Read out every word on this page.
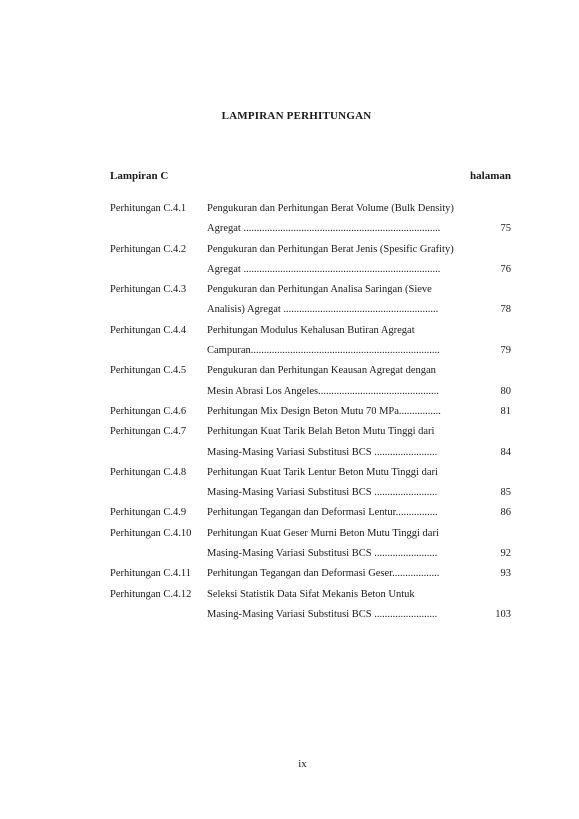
LAMPIRAN PERHITUNGAN
Lampiran C	halaman
Perhitungan C.4.1	Pengukuran dan Perhitungan Berat Volume (Bulk Density)
Agregat ...........................................................................	75
Perhitungan C.4.2	Pengukuran dan Perhitungan Berat Jenis (Spesific Grafity)
Agregat ...........................................................................	76
Perhitungan C.4.3	Pengukuran dan Perhitungan Analisa Saringan (Sieve
Analisis) Agregat ...........................................................	78
Perhitungan C.4.4	Perhitungan Modulus Kehalusan Butiran Agregat
Campuran........................................................................	79
Perhitungan C.4.5	Pengukuran dan Perhitungan Keausan Agregat dengan
Mesin Abrasi Los Angeles..............................................	80
Perhitungan C.4.6	Perhitungan Mix Design Beton Mutu 70 MPa................	81
Perhitungan C.4.7	Perhitungan Kuat Tarik Belah Beton Mutu Tinggi dari
Masing-Masing Variasi Substitusi BCS ........................	84
Perhitungan C.4.8	Perhitungan Kuat Tarik Lentur Beton Mutu Tinggi dari
Masing-Masing Variasi Substitusi BCS ........................	85
Perhitungan C.4.9	Perhitungan Tegangan dan Deformasi Lentur................	86
Perhitungan C.4.10	Perhitungan Kuat Geser Murni Beton Mutu Tinggi dari
Masing-Masing Variasi Substitusi BCS ........................	92
Perhitungan C.4.11	Perhitungan Tegangan dan Deformasi Geser..................	93
Perhitungan C.4.12	Seleksi Statistik Data Sifat Mekanis Beton Untuk
Masing-Masing Variasi Substitusi BCS ........................	103
ix
